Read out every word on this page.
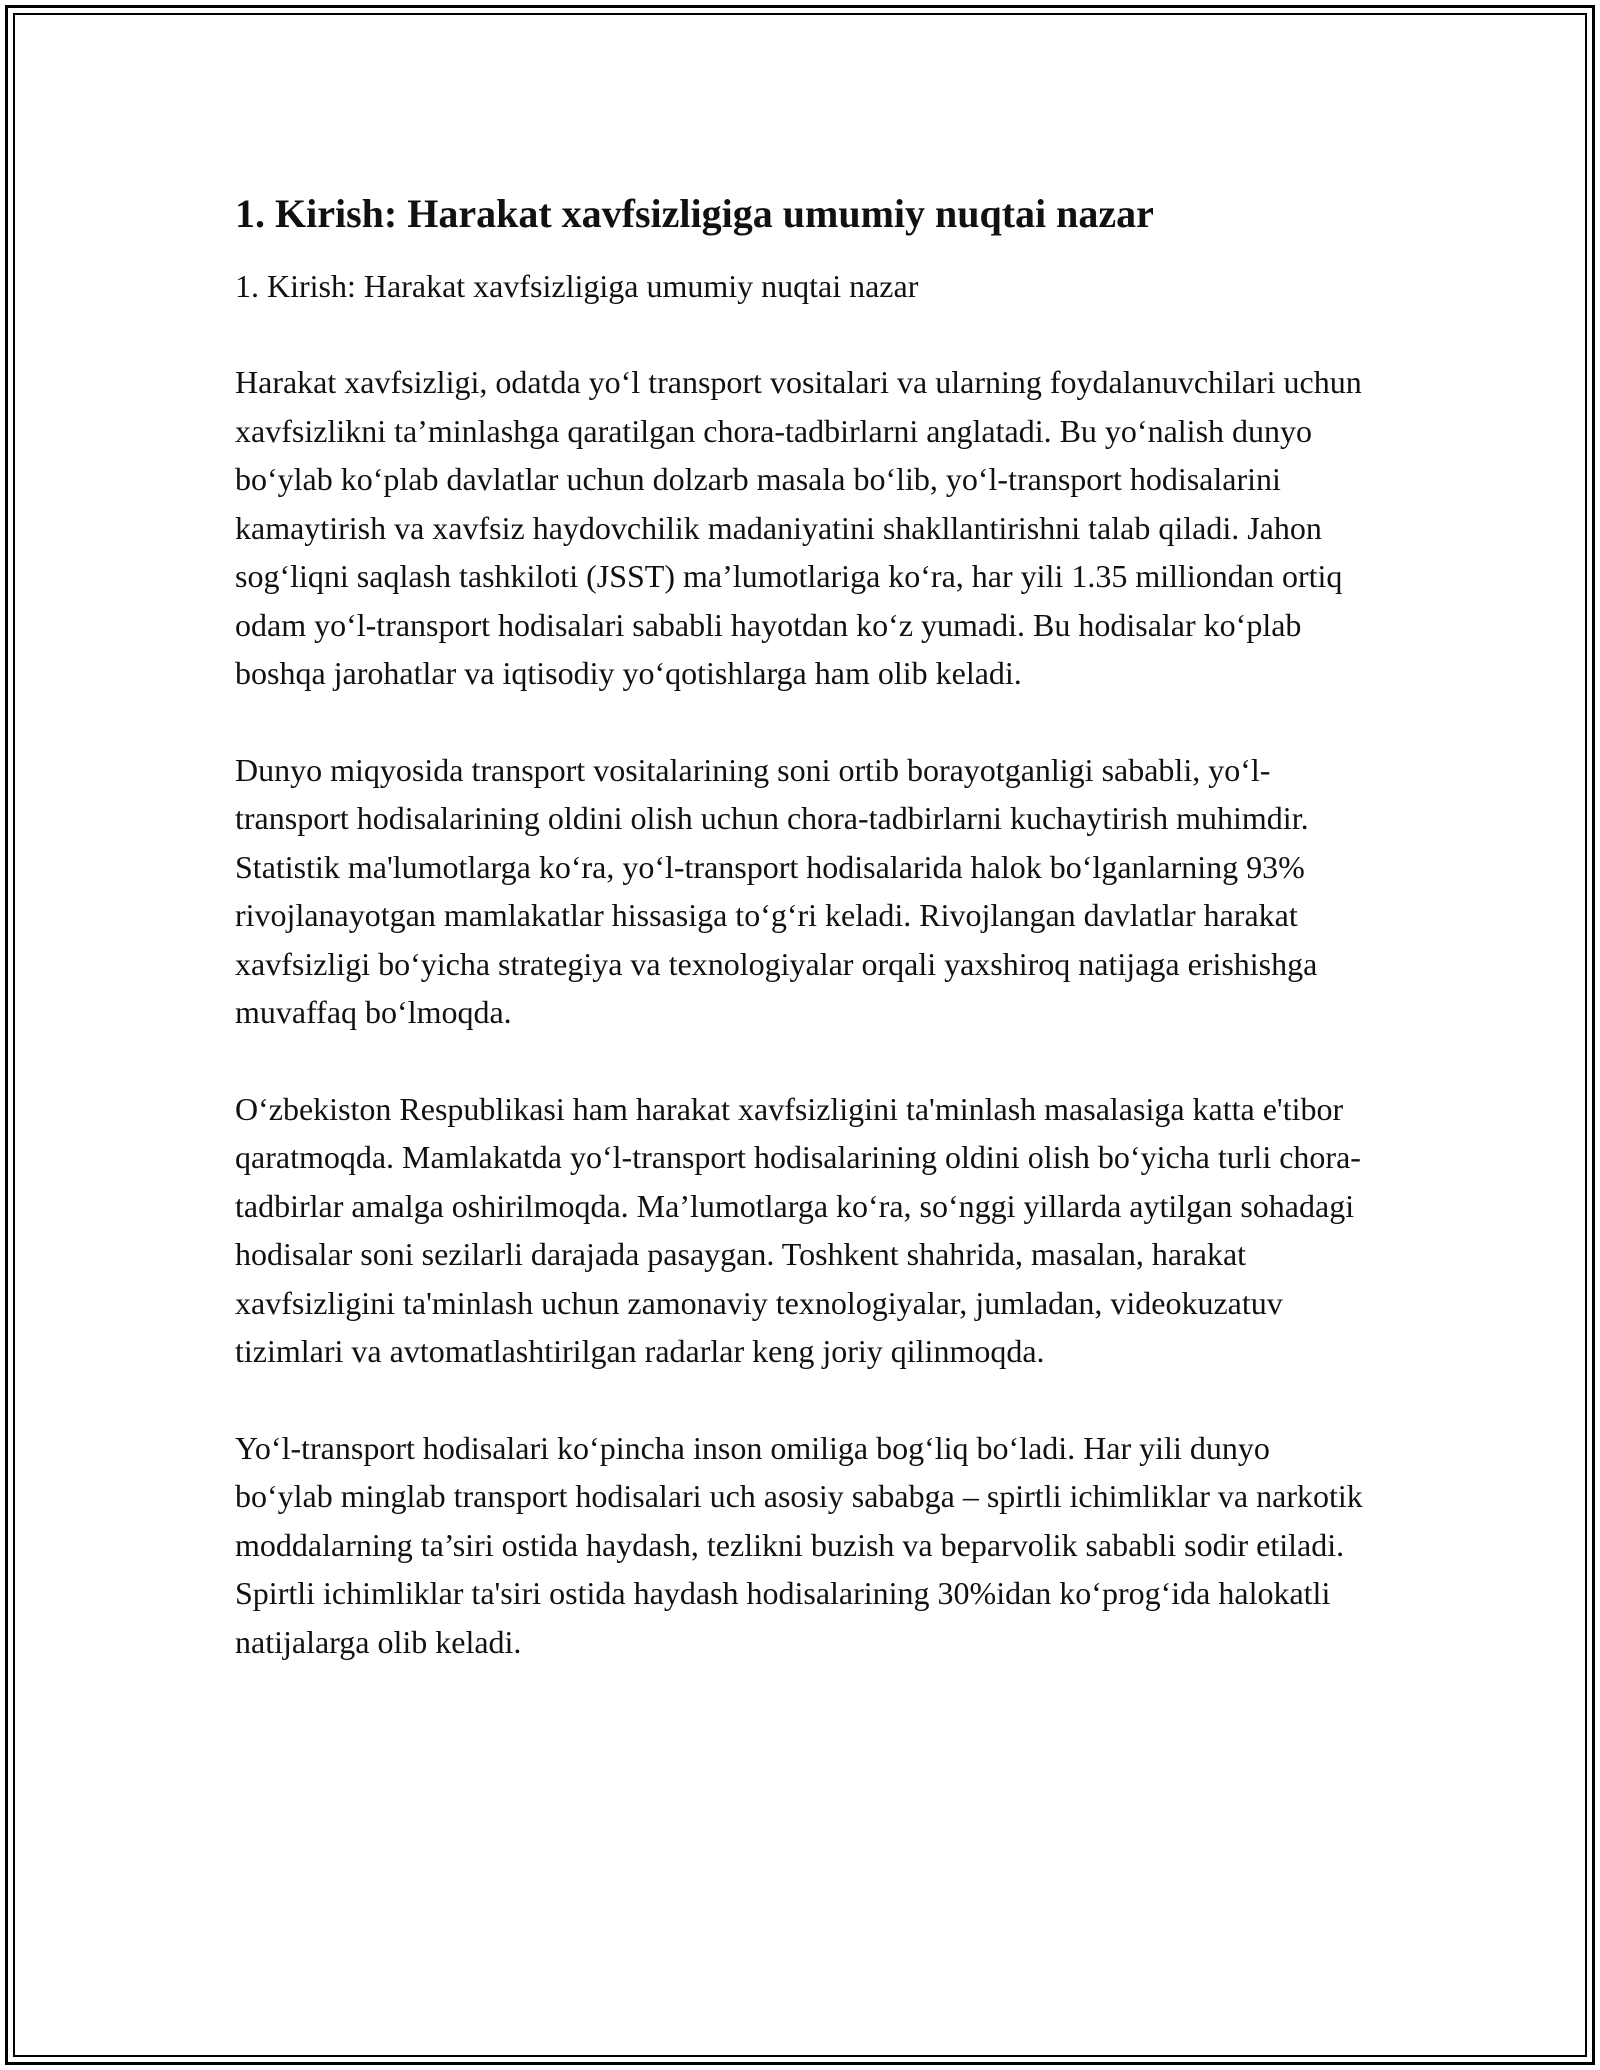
1. Kirish: Harakat xavfsizligiga umumiy nuqtai nazar

1. Kirish: Harakat xavfsizligiga umumiy nuqtai nazar

Harakat xavfsizligi, odatda yo‘l transport vositalari va ularning foydalanuvchilari uchun xavfsizlikni ta’minlashga qaratilgan chora-tadbirlarni anglatadi. Bu yo‘nalish dunyo bo‘ylab ko‘plab davlatlar uchun dolzarb masala bo‘lib, yo‘l-transport hodisalarini kamaytirish va xavfsiz haydovchilik madaniyatini shakllantirishni talab qiladi. Jahon sog‘liqni saqlash tashkiloti (JSST) ma’lumotlariga ko‘ra, har yili 1.35 milliondan ortiq odam yo‘l-transport hodisalari sababli hayotdan ko‘z yumadi. Bu hodisalar ko‘plab boshqa jarohatlar va iqtisodiy yo‘qotishlarga ham olib keladi.

Dunyo miqyosida transport vositalarining soni ortib borayotganligi sababli, yo‘l-transport hodisalarining oldini olish uchun chora-tadbirlarni kuchaytirish muhimdir. Statistik ma'lumotlarga ko‘ra, yo‘l-transport hodisalarida halok bo‘lganlarning 93% rivojlanayotgan mamlakatlar hissasiga to‘g‘ri keladi. Rivojlangan davlatlar harakat xavfsizligi bo‘yicha strategiya va texnologiyalar orqali yaxshiroq natijaga erishishga muvaffaq bo‘lmoqda.

O‘zbekiston Respublikasi ham harakat xavfsizligini ta'minlash masalasiga katta e'tibor qaratmoqda. Mamlakatda yo‘l-transport hodisalarining oldini olish bo‘yicha turli chora-tadbirlar amalga oshirilmoqda. Ma’lumotlarga ko‘ra, so‘nggi yillarda aytilgan sohadagi hodisalar soni sezilarli darajada pasaygan. Toshkent shahrida, masalan, harakat xavfsizligini ta'minlash uchun zamonaviy texnologiyalar, jumladan, videokuzatuv tizimlari va avtomatlashtirilgan radarlar keng joriy qilinmoqda.

Yo‘l-transport hodisalari ko‘pincha inson omiliga bog‘liq bo‘ladi. Har yili dunyo bo‘ylab minglab transport hodisalari uch asosiy sababga – spirtli ichimliklar va narkotik moddalarning ta’siri ostida haydash, tezlikni buzish va beparvolik sababli sodir etiladi. Spirtli ichimliklar ta'siri ostida haydash hodisalarining 30%idan ko‘prog‘ida halokatli natijalarga olib keladi.
